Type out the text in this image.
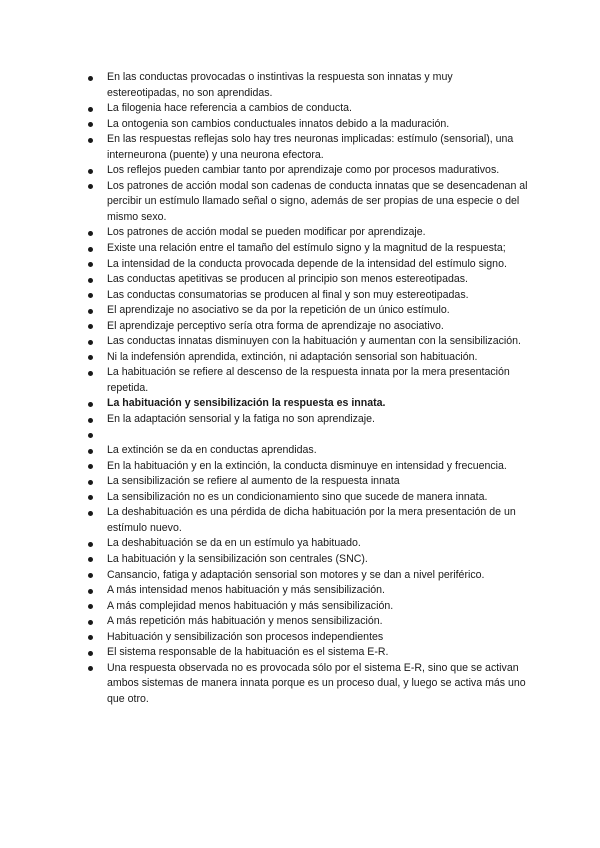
En las conductas provocadas o instintivas la respuesta son innatas y muy estereotipadas, no son aprendidas.
La filogenia hace referencia a cambios de conducta.
La ontogenia son cambios conductuales innatos debido a la maduración.
En las respuestas reflejas solo hay tres neuronas implicadas: estímulo (sensorial), una interneurona (puente) y una neurona efectora.
Los reflejos pueden cambiar tanto por aprendizaje como por procesos madurativos.
Los patrones de acción modal son cadenas de conducta innatas que se desencadenan al percibir un estímulo llamado señal o signo, además de ser propias de una especie o del mismo sexo.
Los patrones de acción modal se pueden modificar por aprendizaje.
Existe una relación entre el tamaño del estímulo signo y la magnitud de la respuesta;
La intensidad de la conducta provocada depende de la intensidad del estímulo signo.
Las conductas apetitivas se producen al principio son menos estereotipadas.
Las conductas consumatorias se producen al final y son muy estereotipadas.
El aprendizaje no asociativo se da por la repetición de un único estímulo.
El aprendizaje perceptivo sería otra forma de aprendizaje no asociativo.
Las conductas innatas disminuyen con la habituación y aumentan con la sensibilización.
Ni la indefensión aprendida, extinción, ni adaptación sensorial son habituación.
La habituación se refiere al descenso de la respuesta innata por la mera presentación repetida.
La habituación y sensibilización la respuesta es innata.
En la adaptación sensorial y la fatiga no son aprendizaje.
La extinción se da en conductas aprendidas.
En la habituación y en la extinción, la conducta disminuye en intensidad y frecuencia.
La sensibilización se refiere al aumento de la respuesta innata
La sensibilización no es un condicionamiento sino que sucede de manera innata.
La deshabituación es una pérdida de dicha habituación por la mera presentación de un estímulo nuevo.
La deshabituación se da en un estímulo ya habituado.
La habituación y la sensibilización son centrales (SNC).
Cansancio, fatiga y adaptación sensorial son motores y se dan a nivel periférico.
A más intensidad menos habituación y más sensibilización.
A más complejidad menos habituación y más sensibilización.
A más repetición más habituación y menos sensibilización.
Habituación y sensibilización son procesos independientes
El sistema responsable de la habituación es el sistema E-R.
Una respuesta observada no es provocada sólo por el sistema E-R, sino que se activan ambos sistemas de manera innata porque es un proceso dual, y luego se activa más uno que otro.
